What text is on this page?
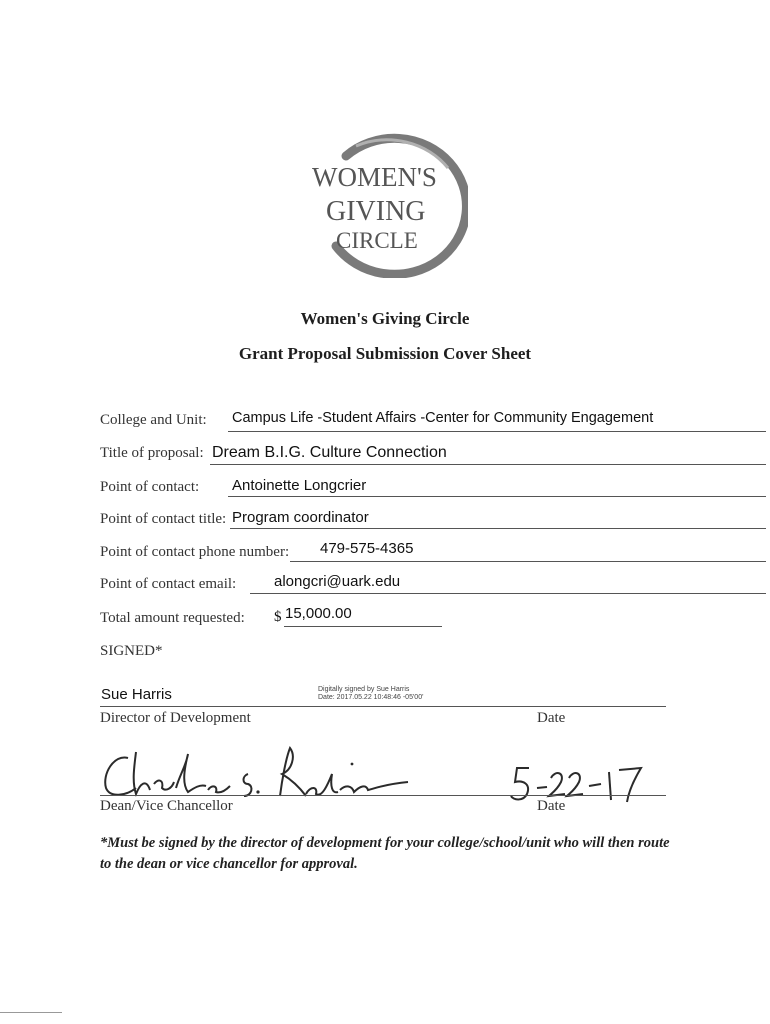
WOMEN'S
GIVING
CIRCLE
Women's Giving Circle
Grant Proposal Submission Cover Sheet
College and Unit: Campus Life -Student Affairs -Center for Community Engagement
Title of proposal: Dream B.I.G. Culture Connection
Point of contact: Antoinette Longcrier
Point of contact title: Program coordinator
Point of contact phone number: 479-575-4365
Point of contact email:	alongcri@uark.edu
Total amount requested: $ 15,000.00
SIGNED*
Sue Harris	Digitally signed by Sue Harris
Date: 2017.05.22 10:48:46 -05'00'
Director of Development	Date
Dean/Vice Chancellor	Date
*Must be signed by the director of development for your college/school/unit who will then route to the dean or vice chancellor for approval.
